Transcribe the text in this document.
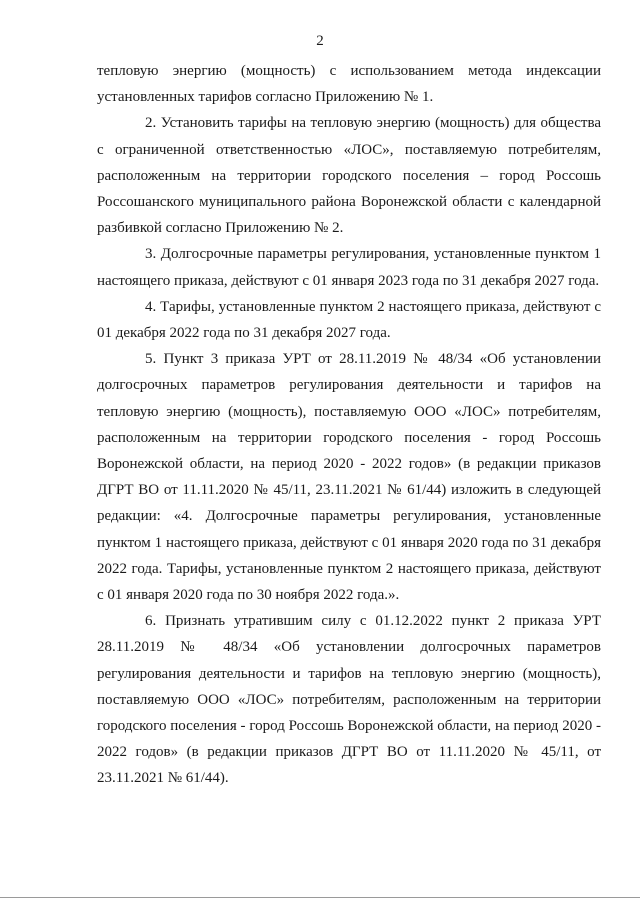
2

тепловую энергию (мощность) с использованием метода индексации установленных тарифов согласно Приложению № 1.

2. Установить тарифы на тепловую энергию (мощность) для общества с ограниченной ответственностью «ЛОС», поставляемую потребителям, расположенным на территории городского поселения – город Россошь Россошанского муниципального района Воронежской области с календарной разбивкой согласно Приложению № 2.

3. Долгосрочные параметры регулирования, установленные пунктом 1 настоящего приказа, действуют с 01 января 2023 года по 31 декабря 2027 года.

4. Тарифы, установленные пунктом 2 настоящего приказа, действуют с 01 декабря 2022 года по 31 декабря 2027 года.

5. Пункт 3 приказа УРТ от 28.11.2019 № 48/34 «Об установлении долгосрочных параметров регулирования деятельности и тарифов на тепловую энергию (мощность), поставляемую ООО «ЛОС» потребителям, расположенным на территории городского поселения - город Россошь Воронежской области, на период 2020 - 2022 годов» (в редакции приказов ДГРТ ВО от 11.11.2020 № 45/11, 23.11.2021 № 61/44) изложить в следующей редакции: «4. Долгосрочные параметры регулирования, установленные пунктом 1 настоящего приказа, действуют с 01 января 2020 года по 31 декабря 2022 года. Тарифы, установленные пунктом 2 настоящего приказа, действуют с 01 января 2020 года по 30 ноября 2022 года.».

6. Признать утратившим силу с 01.12.2022 пункт 2 приказа УРТ 28.11.2019 № 48/34 «Об установлении долгосрочных параметров регулирования деятельности и тарифов на тепловую энергию (мощность), поставляемую ООО «ЛОС» потребителям, расположенным на территории городского поселения - город Россошь Воронежской области, на период 2020 - 2022 годов» (в редакции приказов ДГРТ ВО от 11.11.2020 № 45/11, от 23.11.2021 № 61/44).
